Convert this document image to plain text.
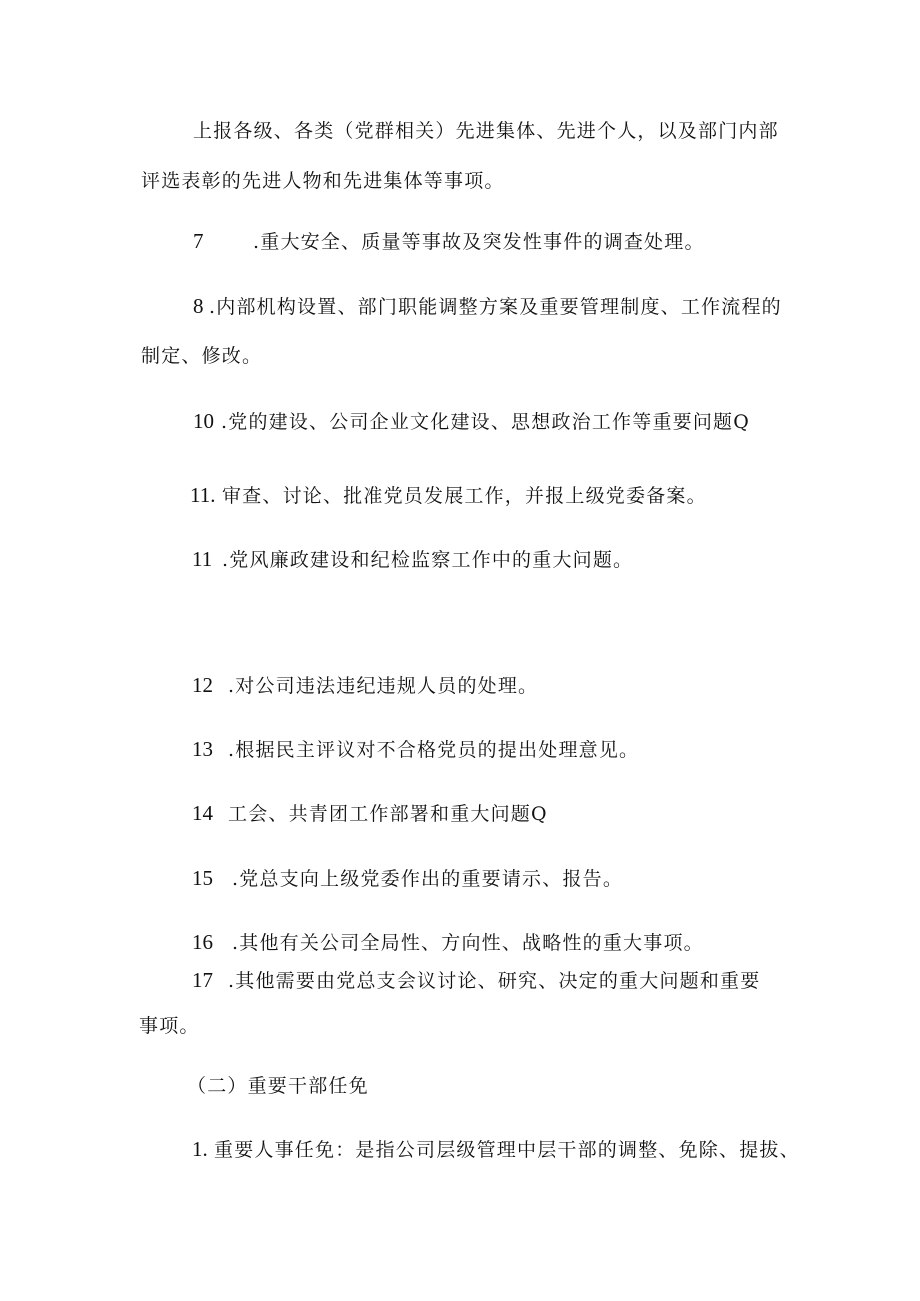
上报各级、各类（党群相关）先进集体、先进个人，以及部门内部
评选表彰的先进人物和先进集体等事项。
7	.重大安全、质量等事故及突发性事件的调查处理。
8 .内部机构设置、部门职能调整方案及重要管理制度、工作流程的
制定、修改。
10 .党的建设、公司企业文化建设、思想政治工作等重要问题Q
11. 审查、讨论、批准党员发展工作，并报上级党委备案。
11 .党风廉政建设和纪检监察工作中的重大问题。
12 .对公司违法违纪违规人员的处理。
13 .根据民主评议对不合格党员的提出处理意见。
14 工会、共青团工作部署和重大问题Q
15 .党总支向上级党委作出的重要请示、报告。
16 .其他有关公司全局性、方向性、战略性的重大事项。
17 .其他需要由党总支会议讨论、研究、决定的重大问题和重要
事项。
（二）重要干部任免
1. 重要人事任免：是指公司层级管理中层干部的调整、免除、提拔、
